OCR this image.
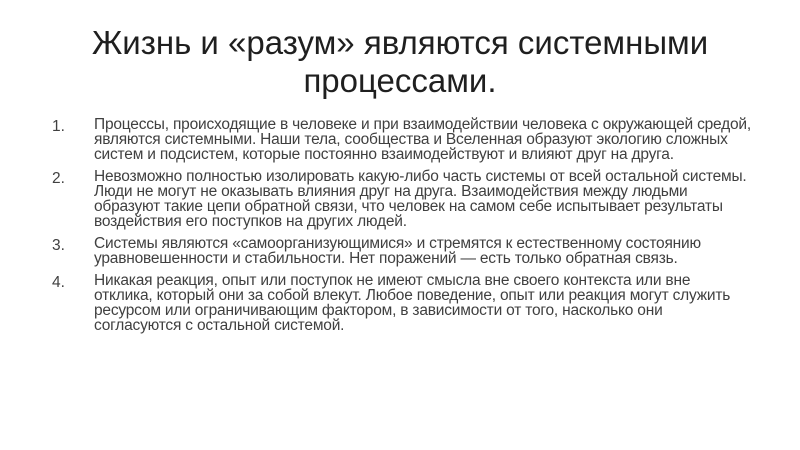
Жизнь и «разум» являются системными процессами.
1.	Процессы, происходящие в человеке и при взаимодействии человека с окружающей средой, являются системными. Наши тела, сообщества и Вселенная образуют экологию сложных систем и подсистем, которые постоянно взаимодействуют и влияют друг на друга.
2.	Невозможно полностью изолировать какую-либо часть системы от всей остальной системы. Люди не могут не оказывать влияния друг на друга. Взаимодействия между людьми образуют такие цепи обратной связи, что человек на самом себе испытывает результаты воздействия его поступков на других людей.
3.	Системы являются «самоорганизующимися» и стремятся к естественному состоянию уравновешенности и стабильности. Нет поражений — есть только обратная связь.
4.	Никакая реакция, опыт или поступок не имеют смысла вне своего контекста или вне отклика, который они за собой влекут. Любое поведение, опыт или реакция могут служить ресурсом или ограничивающим фактором, в зависимости от того, насколько они согласуются с остальной системой.
